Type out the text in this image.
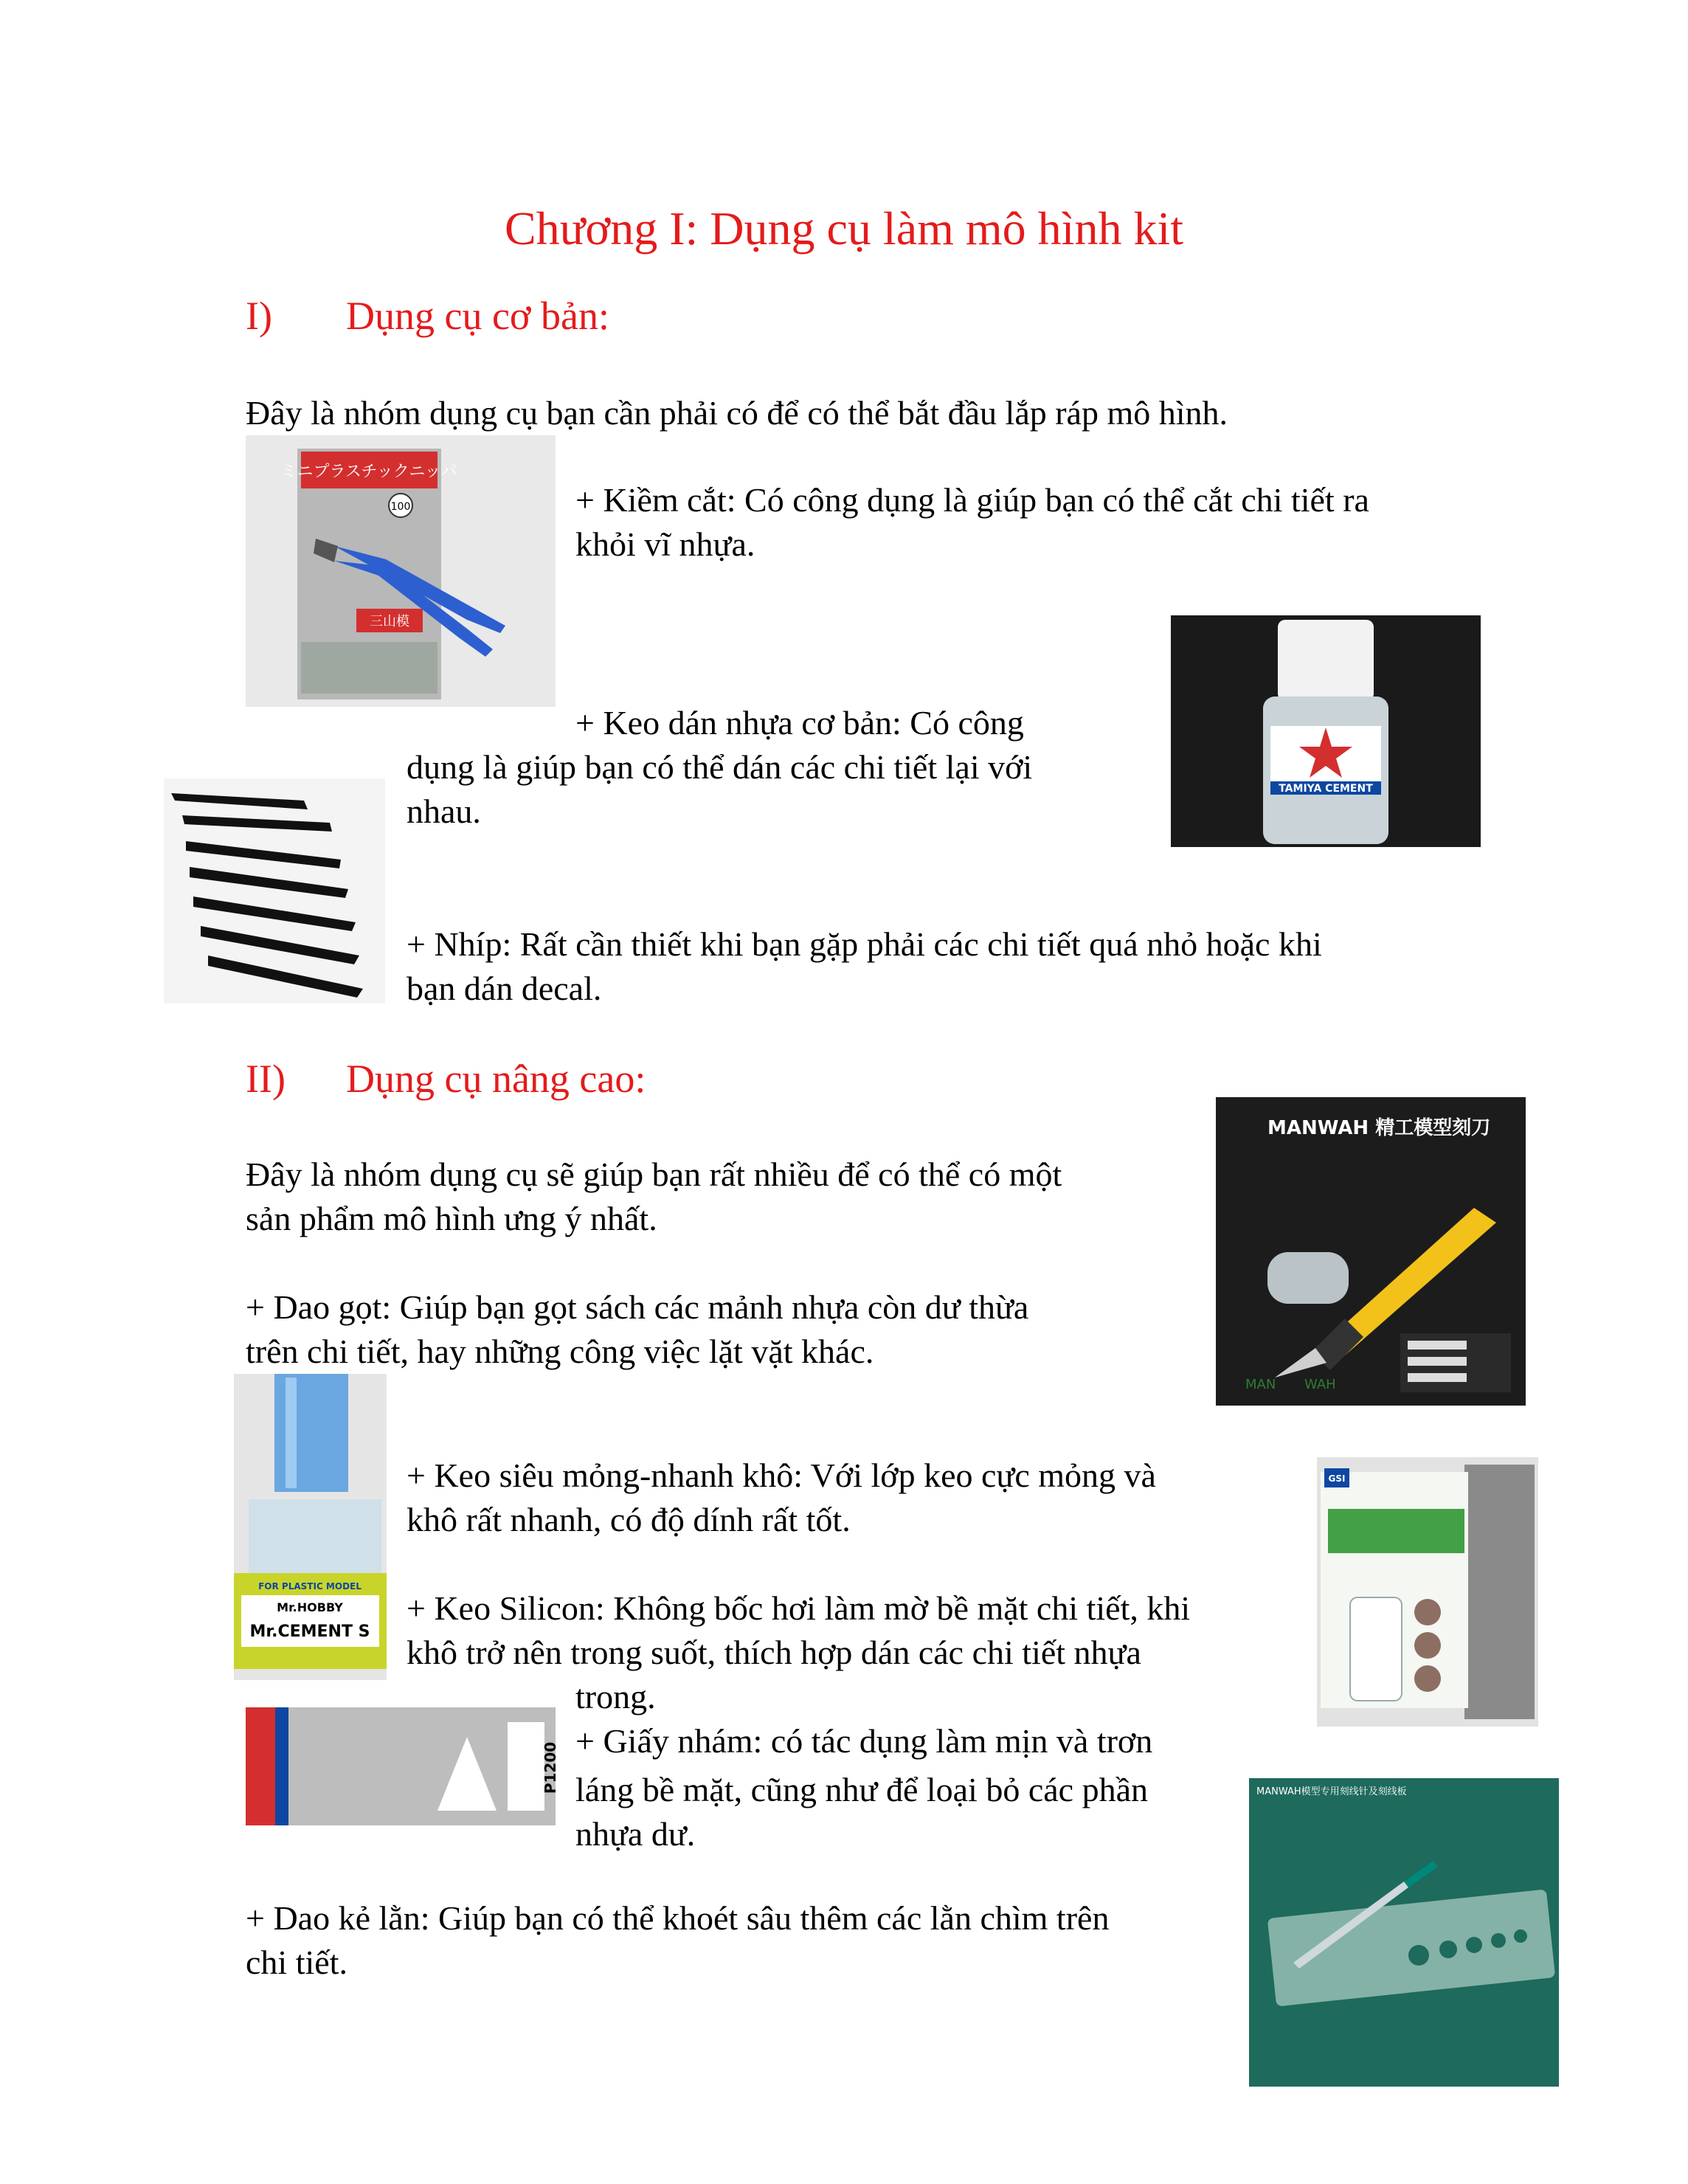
Chương I: Dụng cụ làm mô hình kit
I) Dụng cụ cơ bản:
Đây là nhóm dụng cụ bạn cần phải có để có thể bắt đầu lắp ráp mô hình.
ミニプラスチックニッパ
100
三山模
+ Kiềm cắt: Có công dụng là giúp bạn có thể cắt chi tiết ra
khỏi vĩ nhựa.
TAMIYA CEMENT
+ Keo dán nhựa cơ bản: Có công
dụng là giúp bạn có thể dán các chi tiết lại với
nhau.
+ Nhíp: Rất cần thiết khi bạn gặp phải các chi tiết quá nhỏ hoặc khi
bạn dán decal.
II) Dụng cụ nâng cao:
MANWAH 精工模型刻刀
MAN WAH
Đây là nhóm dụng cụ sẽ giúp bạn rất nhiều để có thể có một
sản phẩm mô hình ưng ý nhất.
+ Dao gọt: Giúp bạn gọt sách các mảnh nhựa còn dư thừa
trên chi tiết, hay những công việc lặt vặt khác.
FOR PLASTIC MODEL
Mr.HOBBY
Mr.CEMENT S
+ Keo siêu mỏng-nhanh khô: Với lớp keo cực mỏng và
khô rất nhanh, có độ dính rất tốt.
GSI
+ Keo Silicon: Không bốc hơi làm mờ bề mặt chi tiết, khi
khô trở nên trong suốt, thích hợp dán các chi tiết nhựa
trong.
P1200
+ Giấy nhám: có tác dụng làm mịn và trơn
láng bề mặt, cũng như để loại bỏ các phần
nhựa dư.
MANWAH模型专用刻线针及刻线板
+ Dao kẻ lằn: Giúp bạn có thể khoét sâu thêm các lằn chìm trên
chi tiết.
